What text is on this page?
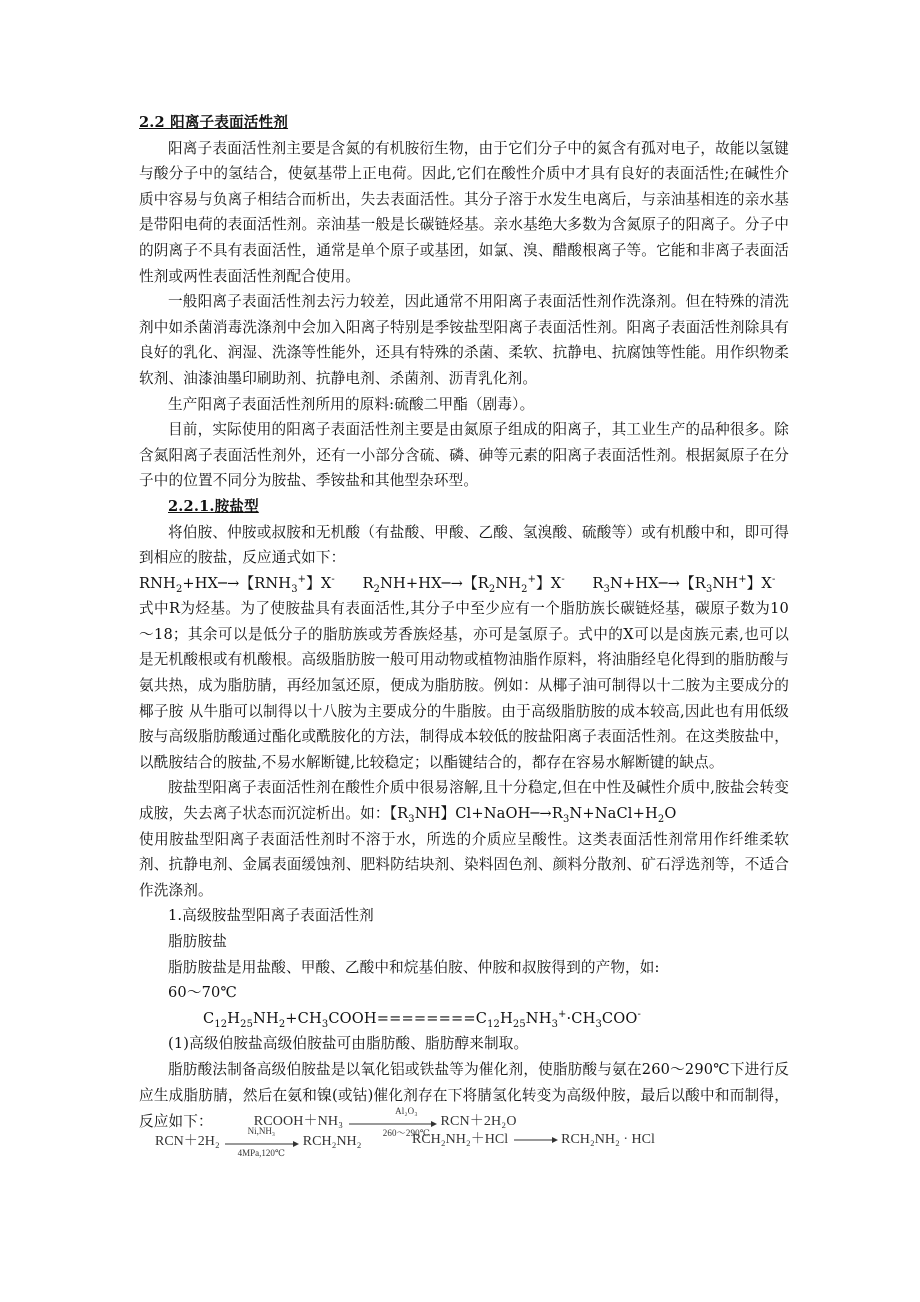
2.2 阳离子表面活性剂

阳离子表面活性剂主要是含氮的有机胺衍生物，由于它们分子中的氮含有孤对电子，故能以氢键与酸分子中的氢结合，使氨基带上正电荷。因此,它们在酸性介质中才具有良好的表面活性;在碱性介质中容易与负离子相结合而析出，失去表面活性。其分子溶于水发生电离后，与亲油基相连的亲水基是带阳电荷的表面活性剂。亲油基一般是长碳链烃基。亲水基绝大多数为含氮原子的阳离子。分子中的阴离子不具有表面活性，通常是单个原子或基团，如氯、溴、醋酸根离子等。它能和非离子表面活性剂或两性表面活性剂配合使用。

一般阳离子表面活性剂去污力较差，因此通常不用阳离子表面活性剂作洗涤剂。但在特殊的清洗剂中如杀菌消毒洗涤剂中会加入阳离子特别是季铵盐型阳离子表面活性剂。阳离子表面活性剂除具有良好的乳化、润湿、洗涤等性能外，还具有特殊的杀菌、柔软、抗静电、抗腐蚀等性能。用作织物柔软剂、油漆油墨印刷助剂、抗静电剂、杀菌剂、沥青乳化剂。

生产阳离子表面活性剂所用的原料:硫酸二甲酯（剧毒）。

目前，实际使用的阳离子表面活性剂主要是由氮原子组成的阳离子，其工业生产的品种很多。除含氮阳离子表面活性剂外，还有一小部分含硫、磷、砷等元素的阳离子表面活性剂。根据氮原子在分子中的位置不同分为胺盐、季铵盐和其他型杂环型。

2.2.1.胺盐型

将伯胺、仲胺或叔胺和无机酸（有盐酸、甲酸、乙酸、氢溴酸、硫酸等）或有机酸中和，即可得到相应的胺盐，反应通式如下：

$RNH_2+HX─\to$【$RNH_3^+$】X- $R_2NH+HX─\to$【$R_2NH_2^+$】X- $R_3N+HX─\to$【$R_3NH^+$】X-

式中R为烃基。为了使胺盐具有表面活性,其分子中至少应有一个脂肪族长碳链烃基，碳原子数为10～18；其余可以是低分子的脂肪族或芳香族烃基，亦可是氢原子。式中的X可以是卤族元素,也可以是无机酸根或有机酸根。高级脂肪胺一般可用动物或植物油脂作原料，将油脂经皂化得到的脂肪酸与氨共热，成为脂肪腈，再经加氢还原，便成为脂肪胺。例如：从椰子油可制得以十二胺为主要成分的椰子胺 从牛脂可以制得以十八胺为主要成分的牛脂胺。由于高级脂肪胺的成本较高,因此也有用低级胺与高级脂肪酸通过酯化或酰胺化的方法，制得成本较低的胺盐阳离子表面活性剂。在这类胺盐中，以酰胺结合的胺盐,不易水解断键,比较稳定；以酯键结合的，都存在容易水解断键的缺点。

胺盐型阳离子表面活性剂在酸性介质中很易溶解,且十分稳定,但在中性及碱性介质中,胺盐会转变成胺，失去离子状态而沉淀析出。如：【$R_3NH$】$Cl+NaOH─\to R_3N+NaCl+H_2O$

使用胺盐型阳离子表面活性剂时不溶于水，所选的介质应呈酸性。这类表面活性剂常用作纤维柔软剂、抗静电剂、金属表面缓蚀剂、肥料防结块剂、染料固色剂、颜料分散剂、矿石浮选剂等，不适合作洗涤剂。

1.高级胺盐型阳离子表面活性剂

脂肪胺盐

脂肪胺盐是用盐酸、甲酸、乙酸中和烷基伯胺、仲胺和叔胺得到的产物，如:

60～70℃

$C_{12}H_{25}NH_2+CH_3COOH========C_{12}H_{25}NH_3^+\cdot CH_3COO^-$

(1)高级伯胺盐高级伯胺盐可由脂肪酸、脂肪醇来制取。

脂肪酸法制备高级伯胺盐是以氧化铝或铁盐等为催化剂，使脂肪酸与氨在260～290℃下进行反应生成脂肪腈，然后在氨和镍(或钴)催化剂存在下将腈氢化转变为高级仲胺，最后以酸中和而制得，反应如下：	RCOOH＋NH₃
Al₂O₃
260～290℃
RCN＋2H₂O

RCN＋2H₂
Ni,NH₃
4MPa,120℃
RCH₂NH₂	RCH₂NH₂＋HCl	RCH₂NH₂ · HCl
